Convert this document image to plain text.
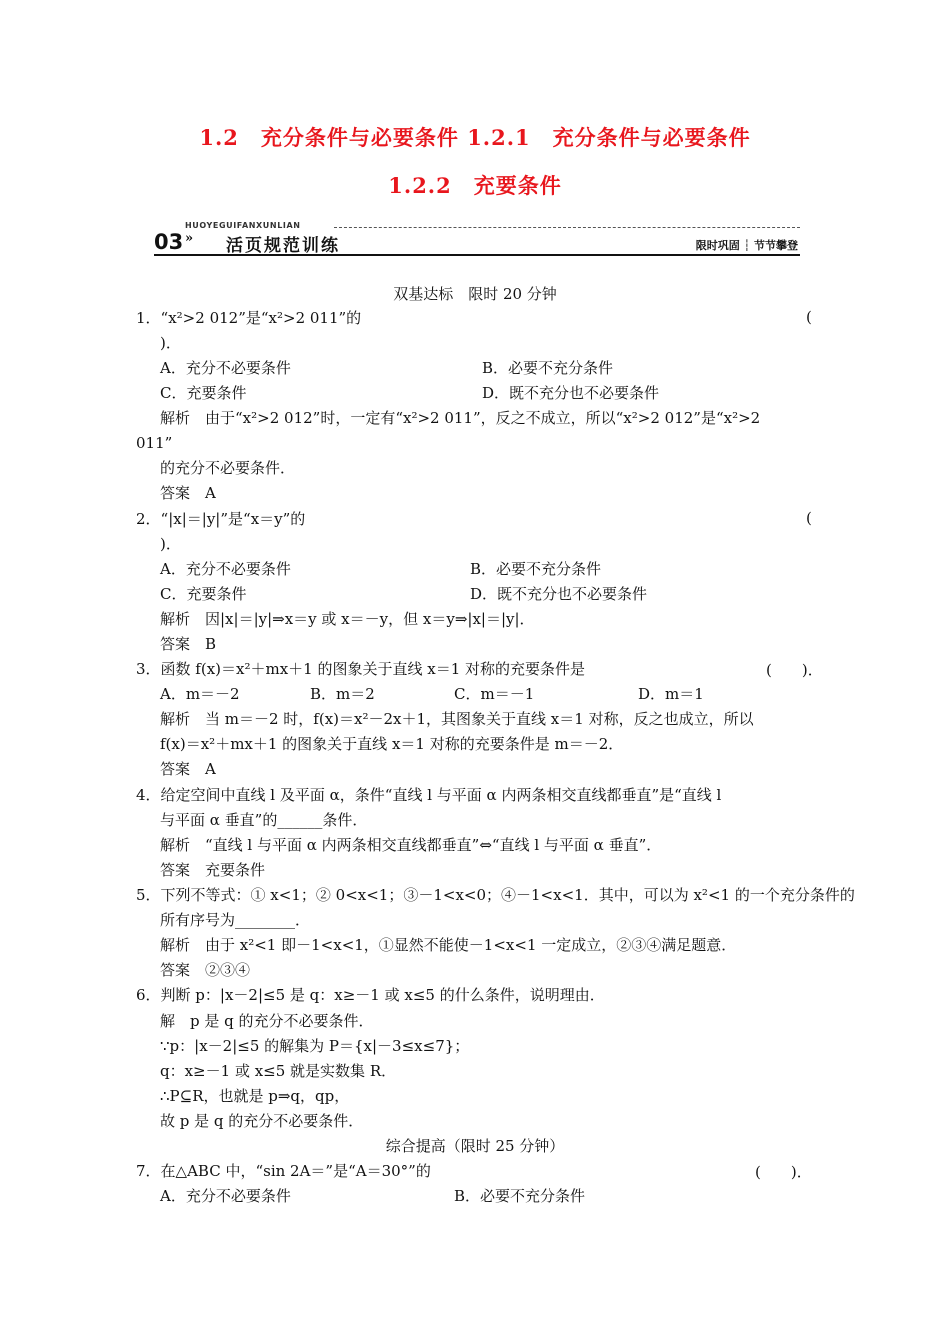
1.2　充分条件与必要条件 1.2.1　充分条件与必要条件
1.2.2　充要条件
HUOYEGUIFANXUNLIAN
03 » 活页规范训练	限时巩固 ┆ 节节攀登
双基达标　限时 20 分钟
1．“x²>2 012”是“x²>2 011”的	(
)．
A．充分不必要条件	B．必要不充分条件
C．充要条件	D．既不充分也不必要条件
解析　由于“x²>2 012”时，一定有“x²>2 011”，反之不成立，所以“x²>2 012”是“x²>2
011”
的充分不必要条件．
答案　A
2．“|x|＝|y|”是“x＝y”的	(
)．
A．充分不必要条件	B．必要不充分条件
C．充要条件	D．既不充分也不必要条件
解析　因|x|＝|y|⇒x＝y 或 x＝－y，但 x＝y⇒|x|＝|y|．
答案　B
3．函数 f(x)＝x²＋mx＋1 的图象关于直线 x＝1 对称的充要条件是	(　　)．
A．m＝－2	B．m＝2	C．m＝－1	D．m＝1
解析　当 m＝－2 时，f(x)＝x²－2x＋1，其图象关于直线 x＝1 对称，反之也成立，所以
f(x)＝x²＋mx＋1 的图象关于直线 x＝1 对称的充要条件是 m＝－2．
答案　A
4．给定空间中直线 l 及平面 α，条件“直线 l 与平面 α 内两条相交直线都垂直”是“直线 l
与平面 α 垂直”的______条件．
解析　“直线 l 与平面 α 内两条相交直线都垂直”⇔“直线 l 与平面 α 垂直”．
答案　充要条件
5．下列不等式：① x<1；② 0<x<1；③－1<x<0；④－1<x<1．其中，可以为 x²<1 的一个充分条件的
所有序号为________．
解析　由于 x²<1 即－1<x<1，①显然不能使－1<x<1 一定成立，②③④满足题意．
答案　②③④
6．判断 p：|x－2|≤5 是 q：x≥－1 或 x≤5 的什么条件，说明理由．
解　p 是 q 的充分不必要条件．
∵p：|x－2|≤5 的解集为 P＝{x|－3≤x≤7}；
q：x≥－1 或 x≤5 就是实数集 R．
∴P⊆R，也就是 p⇒q，qp，
故 p 是 q 的充分不必要条件．
综合提高（限时 25 分钟）
7．在△ABC 中，“sin 2A＝”是“A＝30°”的	(　　)．
A．充分不必要条件	B．必要不充分条件
